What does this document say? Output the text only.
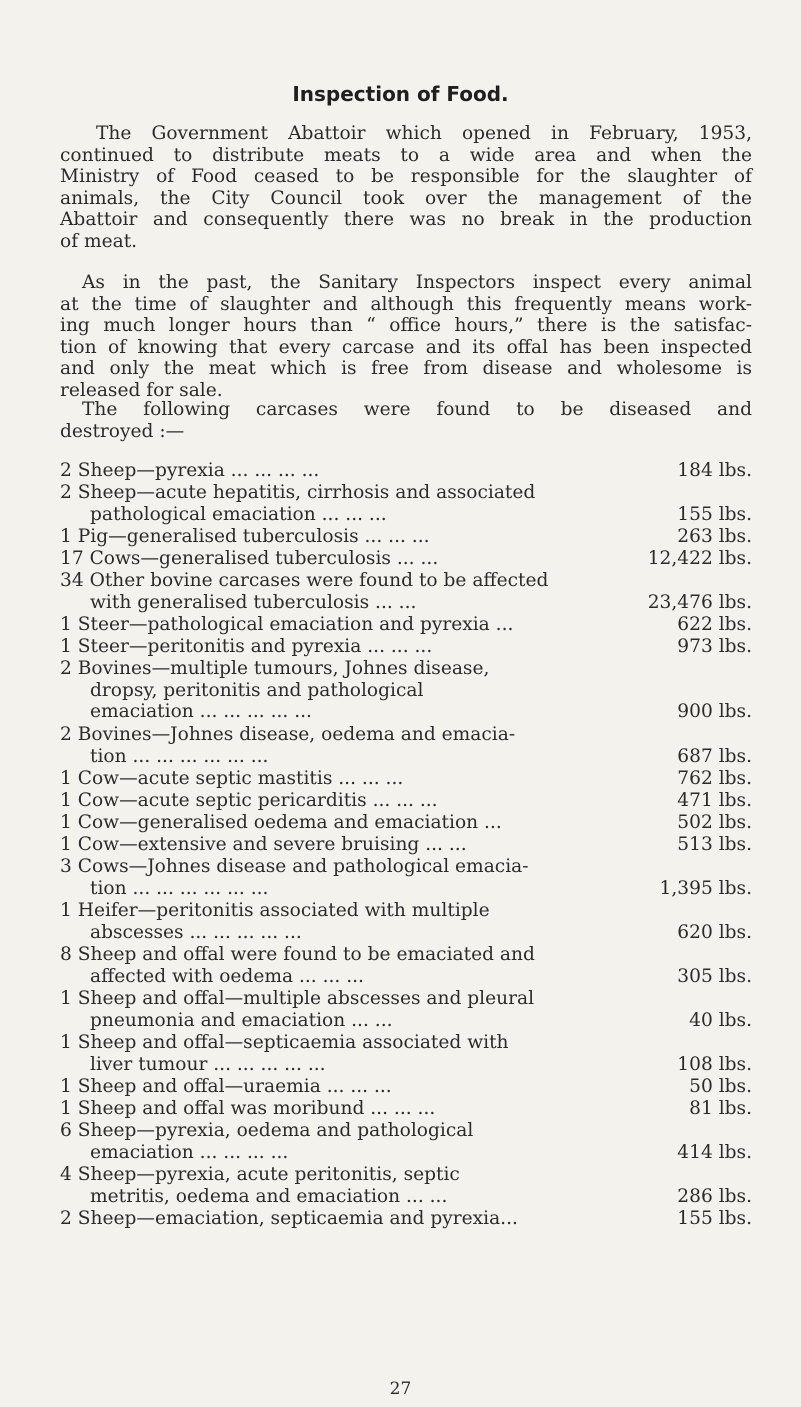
Inspection of Food.
The Government Abattoir which opened in February, 1953,
continued to distribute meats to a wide area and when the
Ministry of Food ceased to be responsible for the slaughter of
animals, the City Council took over the management of the
Abattoir and consequently there was no break in the production
of meat.
As in the past, the Sanitary Inspectors inspect every animal
at the time of slaughter and although this frequently means work-
ing much longer hours than “ office hours,” there is the satisfac-
tion of knowing that every carcase and its offal has been inspected
and only the meat which is free from disease and wholesome is
released for sale.
The following carcases were found to be diseased and
destroyed :—
2 Sheep—pyrexia ... ... ... ...	184 lbs.
2 Sheep—acute hepatitis, cirrhosis and associated
pathological emaciation ... ... ...	155 lbs.
1 Pig—generalised tuberculosis ... ... ...	263 lbs.
17 Cows—generalised tuberculosis ... ...	12,422 lbs.
34 Other bovine carcases were found to be affected
with generalised tuberculosis ... ...	23,476 lbs.
1 Steer—pathological emaciation and pyrexia ...	622 lbs.
1 Steer—peritonitis and pyrexia ... ... ...	973 lbs.
2 Bovines—multiple tumours, Johnes disease,
dropsy, peritonitis and pathological
emaciation ... ... ... ... ...	900 lbs.
2 Bovines—Johnes disease, oedema and emacia-
tion ... ... ... ... ... ...	687 lbs.
1 Cow—acute septic mastitis ... ... ...	762 lbs.
1 Cow—acute septic pericarditis ... ... ...	471 lbs.
1 Cow—generalised oedema and emaciation ...	502 lbs.
1 Cow—extensive and severe bruising ... ...	513 lbs.
3 Cows—Johnes disease and pathological emacia-
tion ... ... ... ... ... ...	1,395 lbs.
1 Heifer—peritonitis associated with multiple
abscesses ... ... ... ... ...	620 lbs.
8 Sheep and offal were found to be emaciated and
affected with oedema ... ... ...	305 lbs.
1 Sheep and offal—multiple abscesses and pleural
pneumonia and emaciation ... ...	40 lbs.
1 Sheep and offal—septicaemia associated with
liver tumour ... ... ... ... ...	108 lbs.
1 Sheep and offal—uraemia ... ... ...	50 lbs.
1 Sheep and offal was moribund ... ... ...	81 lbs.
6 Sheep—pyrexia, oedema and pathological
emaciation ... ... ... ...	414 lbs.
4 Sheep—pyrexia, acute peritonitis, septic
metritis, oedema and emaciation ... ...	286 lbs.
2 Sheep—emaciation, septicaemia and pyrexia...	155 lbs.
27
